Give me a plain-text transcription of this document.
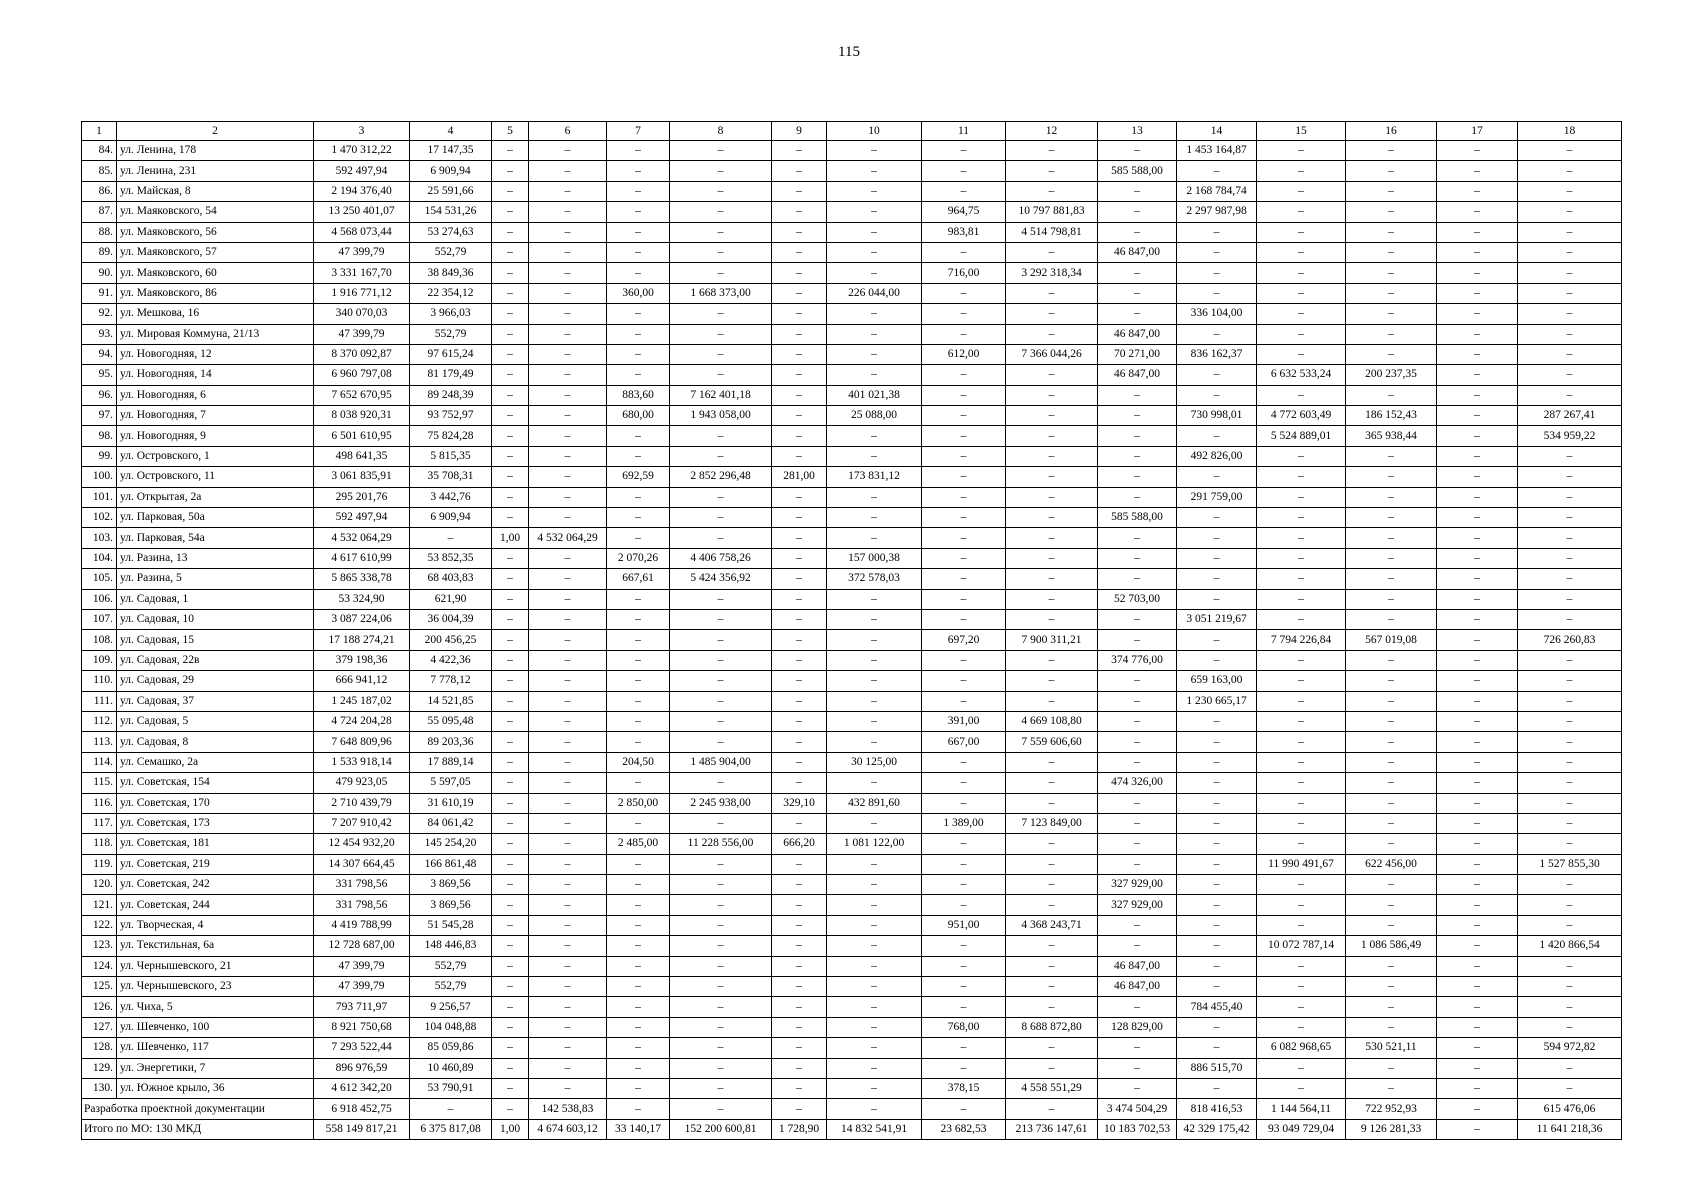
115
1	2	3	4	5	6	7	8	9	10	11	12	13	14	15	16	17	18
84.	ул. Ленина, 178	1 470 312,22	17 147,35	–	–	–	–	–	–	–	–	–	1 453 164,87	–	–	–	–
85.	ул. Ленина, 231	592 497,94	6 909,94	–	–	–	–	–	–	–	–	585 588,00	–	–	–	–	–
86.	ул. Майская, 8	2 194 376,40	25 591,66	–	–	–	–	–	–	–	–	–	2 168 784,74	–	–	–	–
87.	ул. Маяковского, 54	13 250 401,07	154 531,26	–	–	–	–	–	–	964,75	10 797 881,83	–	2 297 987,98	–	–	–	–
88.	ул. Маяковского, 56	4 568 073,44	53 274,63	–	–	–	–	–	–	983,81	4 514 798,81	–	–	–	–	–	–
89.	ул. Маяковского, 57	47 399,79	552,79	–	–	–	–	–	–	–	–	46 847,00	–	–	–	–	–
90.	ул. Маяковского, 60	3 331 167,70	38 849,36	–	–	–	–	–	–	716,00	3 292 318,34	–	–	–	–	–	–
91.	ул. Маяковского, 86	1 916 771,12	22 354,12	–	–	360,00	1 668 373,00	–	226 044,00	–	–	–	–	–	–	–	–
92.	ул. Мешкова, 16	340 070,03	3 966,03	–	–	–	–	–	–	–	–	–	336 104,00	–	–	–	–
93.	ул. Мировая Коммуна, 21/13	47 399,79	552,79	–	–	–	–	–	–	–	–	46 847,00	–	–	–	–	–
94.	ул. Новогодняя, 12	8 370 092,87	97 615,24	–	–	–	–	–	–	612,00	7 366 044,26	70 271,00	836 162,37	–	–	–	–
95.	ул. Новогодняя, 14	6 960 797,08	81 179,49	–	–	–	–	–	–	–	–	46 847,00	–	6 632 533,24	200 237,35	–	–
96.	ул. Новогодняя, 6	7 652 670,95	89 248,39	–	–	883,60	7 162 401,18	–	401 021,38	–	–	–	–	–	–	–	–
97.	ул. Новогодняя, 7	8 038 920,31	93 752,97	–	–	680,00	1 943 058,00	–	25 088,00	–	–	–	730 998,01	4 772 603,49	186 152,43	–	287 267,41
98.	ул. Новогодняя, 9	6 501 610,95	75 824,28	–	–	–	–	–	–	–	–	–	–	5 524 889,01	365 938,44	–	534 959,22
99.	ул. Островского, 1	498 641,35	5 815,35	–	–	–	–	–	–	–	–	–	492 826,00	–	–	–	–
100.	ул. Островского, 11	3 061 835,91	35 708,31	–	–	692,59	2 852 296,48	281,00	173 831,12	–	–	–	–	–	–	–	–
101.	ул. Открытая, 2а	295 201,76	3 442,76	–	–	–	–	–	–	–	–	–	291 759,00	–	–	–	–
102.	ул. Парковая, 50а	592 497,94	6 909,94	–	–	–	–	–	–	–	–	585 588,00	–	–	–	–	–
103.	ул. Парковая, 54а	4 532 064,29	–	1,00	4 532 064,29	–	–	–	–	–	–	–	–	–	–	–	–
104.	ул. Разина, 13	4 617 610,99	53 852,35	–	–	2 070,26	4 406 758,26	–	157 000,38	–	–	–	–	–	–	–	–
105.	ул. Разина, 5	5 865 338,78	68 403,83	–	–	667,61	5 424 356,92	–	372 578,03	–	–	–	–	–	–	–	–
106.	ул. Садовая, 1	53 324,90	621,90	–	–	–	–	–	–	–	–	52 703,00	–	–	–	–	–
107.	ул. Садовая, 10	3 087 224,06	36 004,39	–	–	–	–	–	–	–	–	–	3 051 219,67	–	–	–	–
108.	ул. Садовая, 15	17 188 274,21	200 456,25	–	–	–	–	–	–	697,20	7 900 311,21	–	–	7 794 226,84	567 019,08	–	726 260,83
109.	ул. Садовая, 22в	379 198,36	4 422,36	–	–	–	–	–	–	–	–	374 776,00	–	–	–	–	–
110.	ул. Садовая, 29	666 941,12	7 778,12	–	–	–	–	–	–	–	–	–	659 163,00	–	–	–	–
111.	ул. Садовая, 37	1 245 187,02	14 521,85	–	–	–	–	–	–	–	–	–	1 230 665,17	–	–	–	–
112.	ул. Садовая, 5	4 724 204,28	55 095,48	–	–	–	–	–	–	391,00	4 669 108,80	–	–	–	–	–	–
113.	ул. Садовая, 8	7 648 809,96	89 203,36	–	–	–	–	–	–	667,00	7 559 606,60	–	–	–	–	–	–
114.	ул. Семашко, 2а	1 533 918,14	17 889,14	–	–	204,50	1 485 904,00	–	30 125,00	–	–	–	–	–	–	–	–
115.	ул. Советская, 154	479 923,05	5 597,05	–	–	–	–	–	–	–	–	474 326,00	–	–	–	–	–
116.	ул. Советская, 170	2 710 439,79	31 610,19	–	–	2 850,00	2 245 938,00	329,10	432 891,60	–	–	–	–	–	–	–	–
117.	ул. Советская, 173	7 207 910,42	84 061,42	–	–	–	–	–	–	1 389,00	7 123 849,00	–	–	–	–	–	–
118.	ул. Советская, 181	12 454 932,20	145 254,20	–	–	2 485,00	11 228 556,00	666,20	1 081 122,00	–	–	–	–	–	–	–	–
119.	ул. Советская, 219	14 307 664,45	166 861,48	–	–	–	–	–	–	–	–	–	–	11 990 491,67	622 456,00	–	1 527 855,30
120.	ул. Советская, 242	331 798,56	3 869,56	–	–	–	–	–	–	–	–	327 929,00	–	–	–	–	–
121.	ул. Советская, 244	331 798,56	3 869,56	–	–	–	–	–	–	–	–	327 929,00	–	–	–	–	–
122.	ул. Творческая, 4	4 419 788,99	51 545,28	–	–	–	–	–	–	951,00	4 368 243,71	–	–	–	–	–	–
123.	ул. Текстильная, 6а	12 728 687,00	148 446,83	–	–	–	–	–	–	–	–	–	–	10 072 787,14	1 086 586,49	–	1 420 866,54
124.	ул. Чернышевского, 21	47 399,79	552,79	–	–	–	–	–	–	–	–	46 847,00	–	–	–	–	–
125.	ул. Чернышевского, 23	47 399,79	552,79	–	–	–	–	–	–	–	–	46 847,00	–	–	–	–	–
126.	ул. Чиха, 5	793 711,97	9 256,57	–	–	–	–	–	–	–	–	–	784 455,40	–	–	–	–
127.	ул. Шевченко, 100	8 921 750,68	104 048,88	–	–	–	–	–	–	768,00	8 688 872,80	128 829,00	–	–	–	–	–
128.	ул. Шевченко, 117	7 293 522,44	85 059,86	–	–	–	–	–	–	–	–	–	–	6 082 968,65	530 521,11	–	594 972,82
129.	ул. Энергетики, 7	896 976,59	10 460,89	–	–	–	–	–	–	–	–	–	886 515,70	–	–	–	–
130.	ул. Южное крыло, 36	4 612 342,20	53 790,91	–	–	–	–	–	–	378,15	4 558 551,29	–	–	–	–	–	–
Разработка проектной документации		6 918 452,75	–	–	142 538,83	–	–	–	–	–	–	3 474 504,29	818 416,53	1 144 564,11	722 952,93	–	615 476,06
Итого по МО: 130 МКД		558 149 817,21	6 375 817,08	1,00	4 674 603,12	33 140,17	152 200 600,81	1 728,90	14 832 541,91	23 682,53	213 736 147,61	10 183 702,53	42 329 175,42	93 049 729,04	9 126 281,33	–	11 641 218,36
